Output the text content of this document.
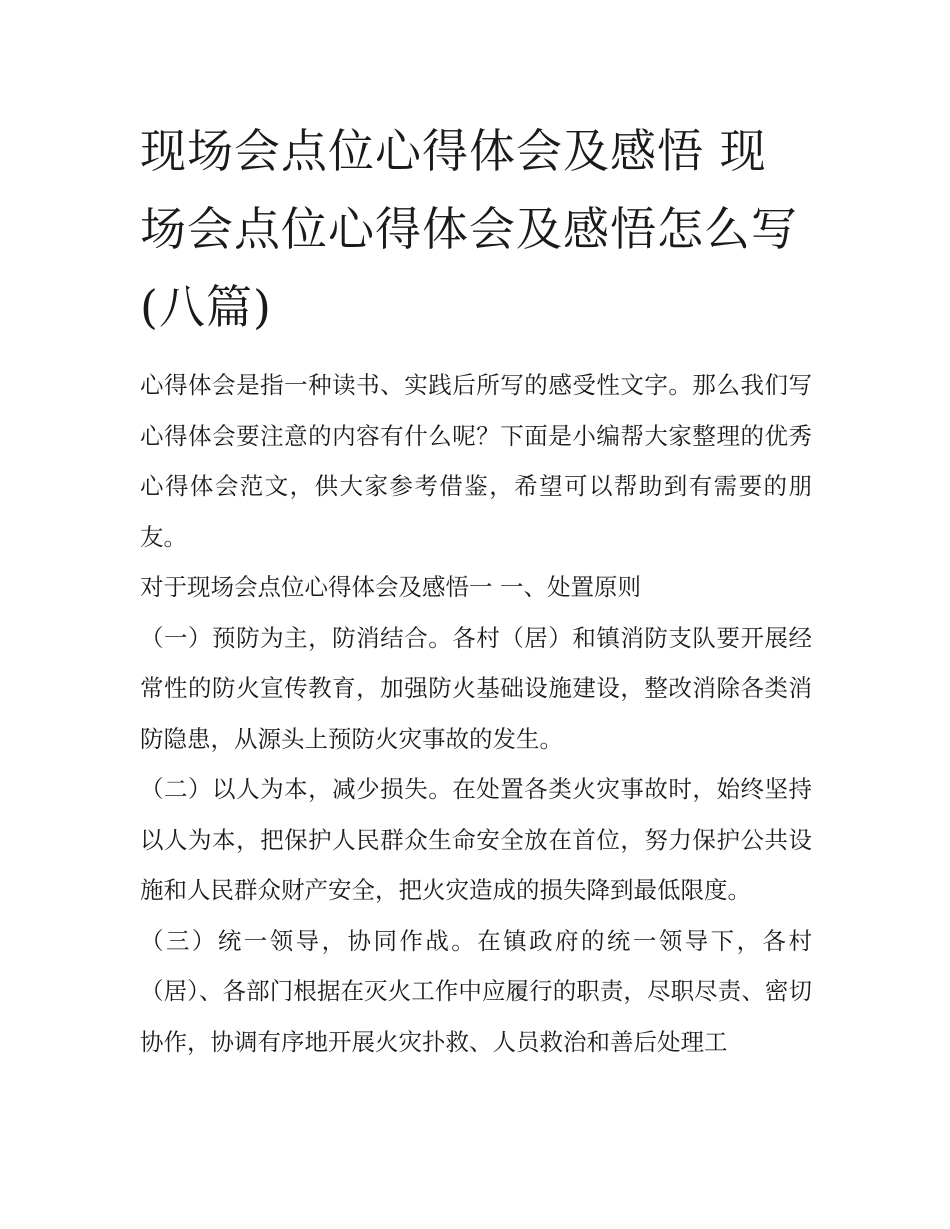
现场会点位心得体会及感悟 现场会点位心得体会及感悟怎么写(八篇)

心得体会是指一种读书、实践后所写的感受性文字。那么我们写心得体会要注意的内容有什么呢？下面是小编帮大家整理的优秀心得体会范文，供大家参考借鉴，希望可以帮助到有需要的朋友。

对于现场会点位心得体会及感悟一 一、处置原则

（一）预防为主，防消结合。各村（居）和镇消防支队要开展经常性的防火宣传教育，加强防火基础设施建设，整改消除各类消防隐患，从源头上预防火灾事故的发生。

（二）以人为本，减少损失。在处置各类火灾事故时，始终坚持以人为本，把保护人民群众生命安全放在首位，努力保护公共设施和人民群众财产安全，把火灾造成的损失降到最低限度。

（三）统一领导，协同作战。在镇政府的统一领导下，各村（居）、各部门根据在灭火工作中应履行的职责，尽职尽责、密切协作，协调有序地开展火灾扑救、人员救治和善后处理工
